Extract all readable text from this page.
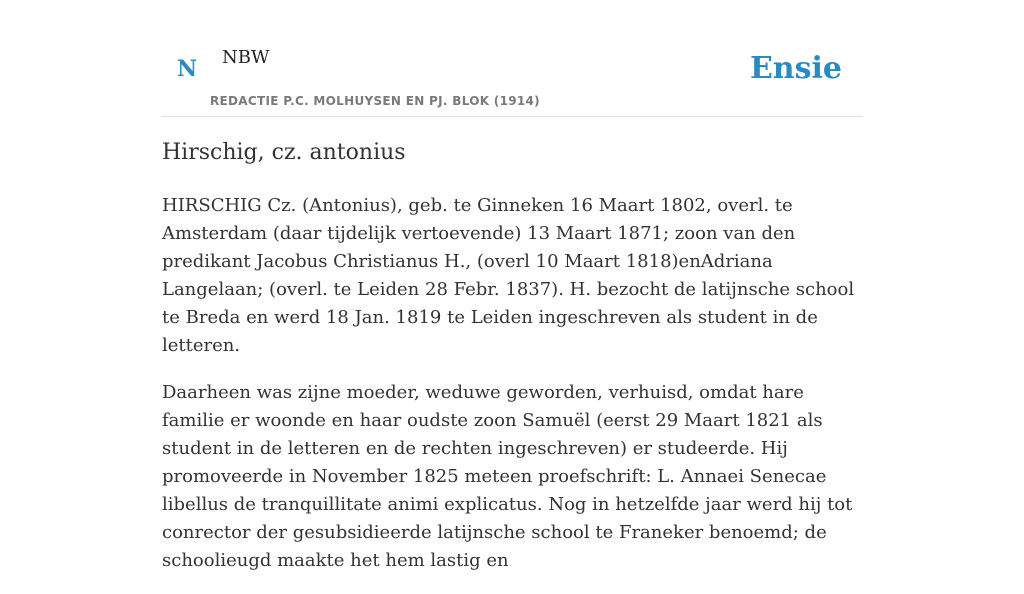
N NBW
REDACTIE P.C. MOLHUYSEN EN PJ. BLOK (1914)
Ensie
Hirschig, cz. antonius

HIRSCHIG Cz. (Antonius), geb. te Ginneken 16 Maart 1802, overl. te Amsterdam (daar tijdelijk vertoevende) 13 Maart 1871; zoon van den predikant Jacobus Christianus H., (overl 10 Maart 1818)enAdriana Langelaan; (overl. te Leiden 28 Febr. 1837). H. bezocht de latijnsche school te Breda en werd 18 Jan. 1819 te Leiden ingeschreven als student in de letteren.

Daarheen was zijne moeder, weduwe geworden, verhuisd, omdat hare familie er woonde en haar oudste zoon Samuël (eerst 29 Maart 1821 als student in de letteren en de rechten ingeschreven) er studeerde. Hij promoveerde in November 1825 meteen proefschrift: L. Annaei Senecae libellus de tranquillitate animi explicatus. Nog in hetzelfde jaar werd hij tot conrector der gesubsidieerde latijnsche school te Franeker benoemd; de schoolieugd maakte het hem lastig en
